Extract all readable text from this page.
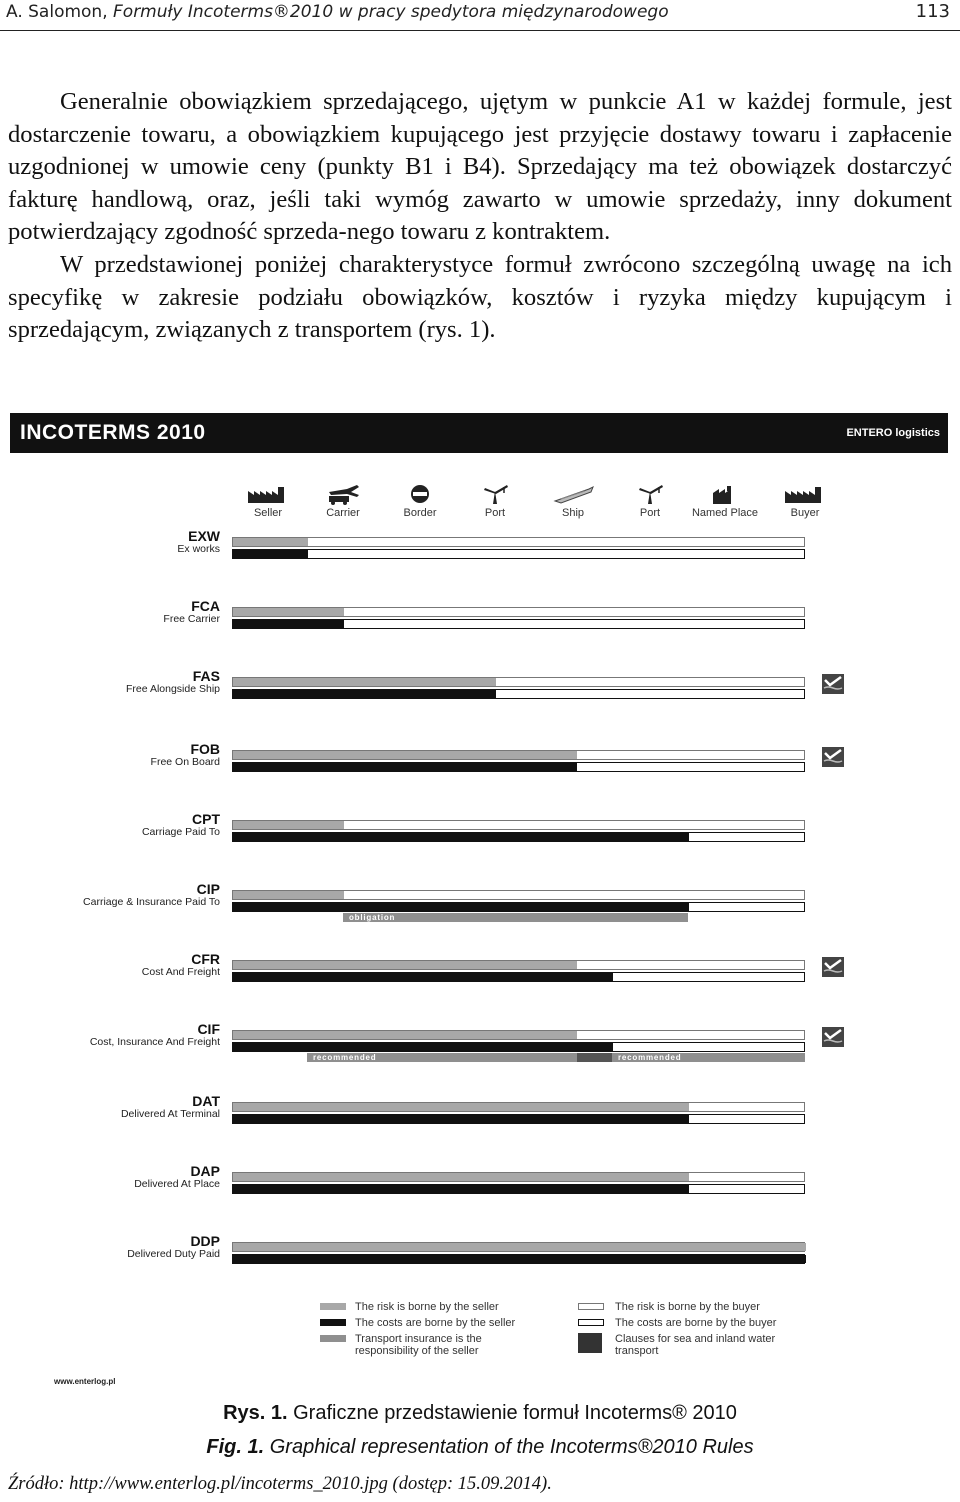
A. Salomon, Formuły Incoterms®2010 w pracy spedytora międzynarodowego	113

Generalnie obowiązkiem sprzedającego, ujętym w punkcie A1 w każdej formule, jest dostarczenie towaru, a obowiązkiem kupującego jest przyjęcie dostawy towaru i zapłacenie uzgodnionej w umowie ceny (punkty B1 i B4). Sprzedający ma też obowiązek dostarczyć fakturę handlową, oraz, jeśli taki wymóg zawarto w umowie sprzedaży, inny dokument potwierdzający zgodność sprzeda-nego towaru z kontraktem.

W przedstawionej poniżej charakterystyce formuł zwrócono szczególną uwagę na ich specyfikę w zakresie podziału obowiązków, kosztów i ryzyka między kupującym i sprzedającym, związanych z transportem (rys. 1).

INCOTERMS 2010	ENTERO logistics
Seller	Carrier	Border	Port	Ship	Port	Named Place	Buyer
EXW
Ex works
FCA
Free Carrier
FAS
Free Alongside Ship
FOB
Free On Board
CPT
Carriage Paid To
CIP
Carriage & Insurance Paid To
obligation
CFR
Cost And Freight
CIF
Cost, Insurance And Freight
recommended	recommended
DAT
Delivered At Terminal
DAP
Delivered At Place
DDP
Delivered Duty Paid
The risk is borne by the seller
The costs are borne by the seller
Transport insurance is the responsibility of the seller
The risk is borne by the buyer
The costs are borne by the buyer
Clauses for sea and inland water transport
www.enterlog.pl
Rys. 1. Graficzne przedstawienie formuł Incoterms® 2010
Fig. 1. Graphical representation of the Incoterms®2010 Rules
Źródło: http://www.enterlog.pl/incoterms_2010.jpg (dostęp: 15.09.2014).
